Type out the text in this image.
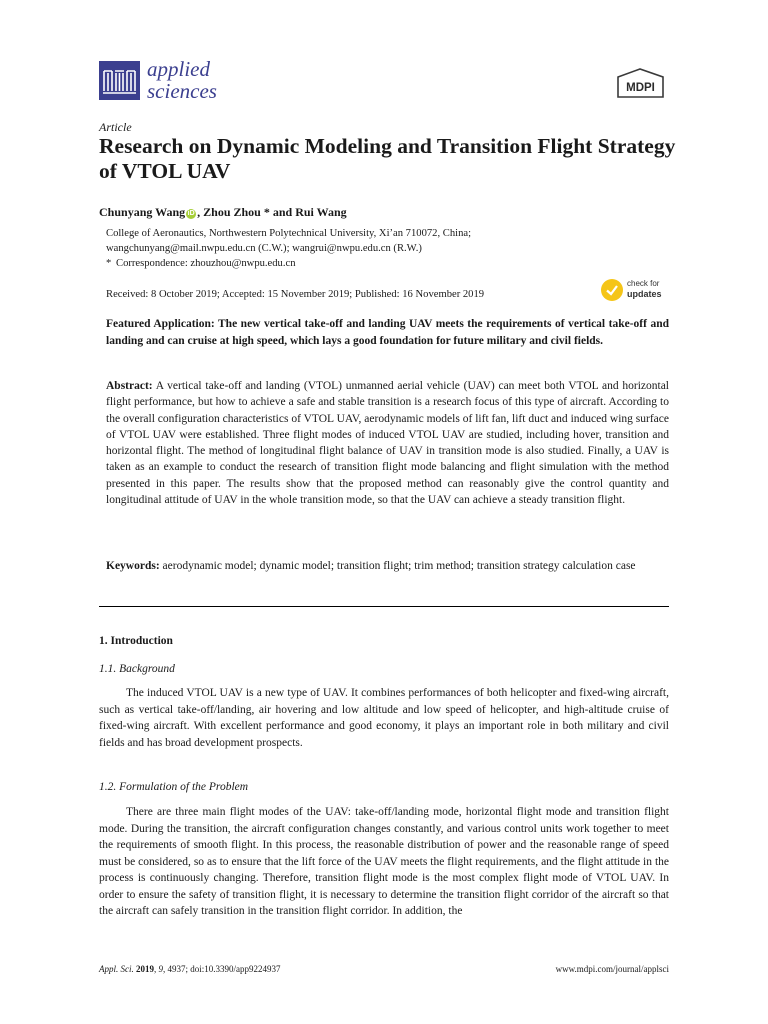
applied
sciences	MDPI
Article
Research on Dynamic Modeling and Transition Flight Strategy of VTOL UAV
Chunyang Wang iD , Zhou Zhou * and Rui Wang
College of Aeronautics, Northwestern Polytechnical University, Xi’an 710072, China;
wangchunyang@mail.nwpu.edu.cn (C.W.); wangrui@nwpu.edu.cn (R.W.)
* Correspondence: zhouzhou@nwpu.edu.cn
check for
updates
Received: 8 October 2019; Accepted: 15 November 2019; Published: 16 November 2019
Featured Application: The new vertical take-off and landing UAV meets the requirements of vertical take-off and landing and can cruise at high speed, which lays a good foundation for future military and civil fields.
Abstract: A vertical take-off and landing (VTOL) unmanned aerial vehicle (UAV) can meet both VTOL and horizontal flight performance, but how to achieve a safe and stable transition is a research focus of this type of aircraft. According to the overall configuration characteristics of VTOL UAV, aerodynamic models of lift fan, lift duct and induced wing surface of VTOL UAV were established. Three flight modes of induced VTOL UAV are studied, including hover, transition and horizontal flight. The method of longitudinal flight balance of UAV in transition mode is also studied. Finally, a UAV is taken as an example to conduct the research of transition flight mode balancing and flight simulation with the method presented in this paper. The results show that the proposed method can reasonably give the control quantity and longitudinal attitude of UAV in the whole transition mode, so that the UAV can achieve a steady transition flight.
Keywords: aerodynamic model; dynamic model; transition flight; trim method; transition strategy calculation case
1. Introduction
1.1. Background
The induced VTOL UAV is a new type of UAV. It combines performances of both helicopter and fixed-wing aircraft, such as vertical take-off/landing, air hovering and low altitude and low speed of helicopter, and high-altitude cruise of fixed-wing aircraft. With excellent performance and good economy, it plays an important role in both military and civil fields and has broad development prospects.
1.2. Formulation of the Problem
There are three main flight modes of the UAV: take-off/landing mode, horizontal flight mode and transition flight mode. During the transition, the aircraft configuration changes constantly, and various control units work together to meet the requirements of smooth flight. In this process, the reasonable distribution of power and the reasonable range of speed must be considered, so as to ensure that the lift force of the UAV meets the flight requirements, and the flight attitude in the process is continuously changing. Therefore, transition flight mode is the most complex flight mode of VTOL UAV. In order to ensure the safety of transition flight, it is necessary to determine the transition flight corridor of the aircraft so that the aircraft can safely transition in the transition flight corridor. In addition, the
Appl. Sci. 2019, 9, 4937; doi:10.3390/app9224937	www.mdpi.com/journal/applsci
